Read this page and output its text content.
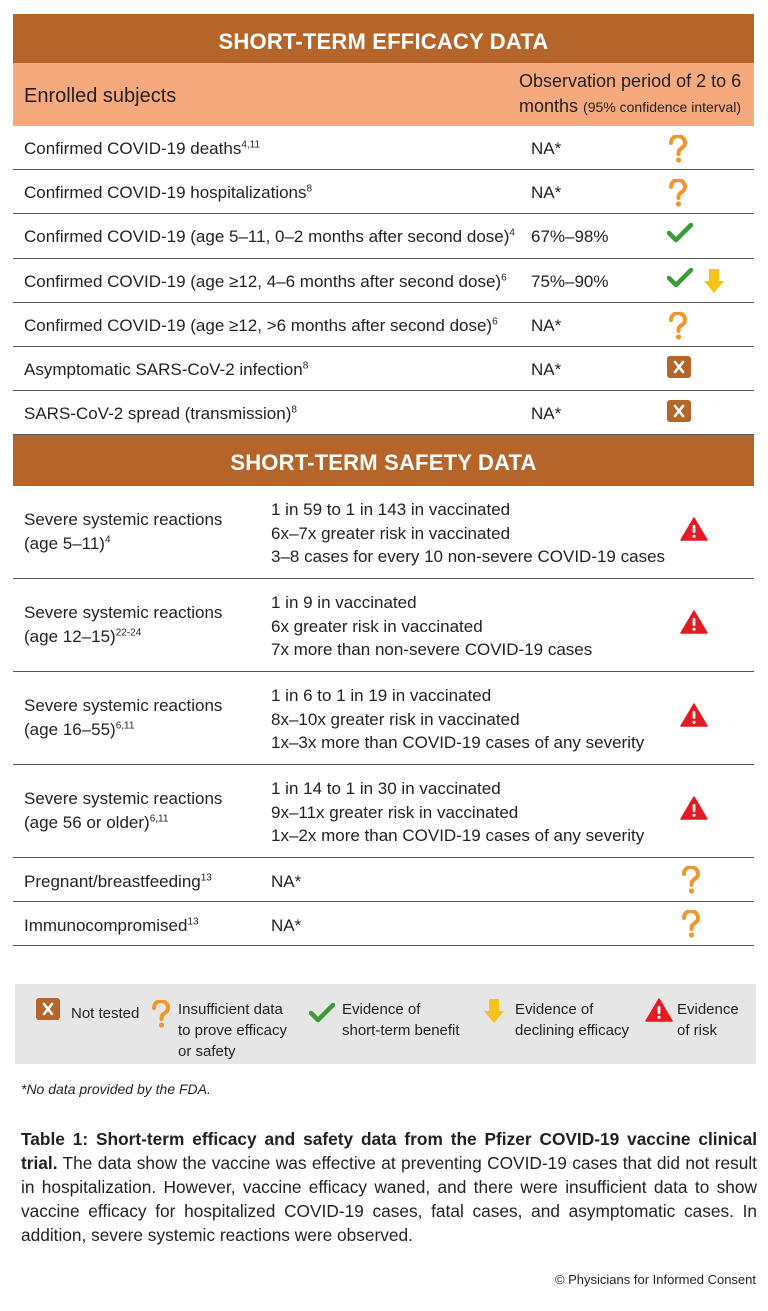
SHORT-TERM EFFICACY DATA
Enrolled subjects
Observation period of 2 to 6 months (95% confidence interval)
Confirmed COVID-19 deaths$^{4,11}$	NA*
Confirmed COVID-19 hospitalizations$^8$	NA*
Confirmed COVID-19 (age 5–11, 0–2 months after second dose)$^4$ 67%–98%
Confirmed COVID-19 (age ≥12, 4–6 months after second dose)$^6$ 75%–90%
Confirmed COVID-19 (age ≥12, >6 months after second dose)$^6$ NA*
Asymptomatic SARS-CoV-2 infection$^8$	NA*
SARS-CoV-2 spread (transmission)$^8$	NA*
SHORT-TERM SAFETY DATA
Severe systemic reactions
(age 5–11)$^4$
1 in 59 to 1 in 143 in vaccinated
6x–7x greater risk in vaccinated
3–8 cases for every 10 non-severe COVID-19 cases
Severe systemic reactions
(age 12–15)$^{22-24}$
1 in 9 in vaccinated
6x greater risk in vaccinated
7x more than non-severe COVID-19 cases
Severe systemic reactions
(age 16–55)$^{6,11}$
1 in 6 to 1 in 19 in vaccinated
8x–10x greater risk in vaccinated
1x–3x more than COVID-19 cases of any severity
Severe systemic reactions
(age 56 or older)$^{6,11}$
1 in 14 to 1 in 30 in vaccinated
9x–11x greater risk in vaccinated
1x–2x more than COVID-19 cases of any severity
Pregnant/breastfeeding$^{13}$	NA*
Immunocompromised$^{13}$	NA*
Not tested	Insufficient data
to prove efficacy
or safety
Evidence of
short-term benefit
Evidence of
declining efficacy
Evidence
of risk
*No data provided by the FDA.
Table 1: Short-term efficacy and safety data from the Pfizer COVID-19 vaccine clinical trial. The data show the vaccine was effective at preventing COVID-19 cases that did not result in hospitalization. However, vaccine efficacy waned, and there were insufficient data to show vaccine efficacy for hospitalized COVID-19 cases, fatal cases, and asymptomatic cases. In addition, severe systemic reactions were observed.
© Physicians for Informed Consent
